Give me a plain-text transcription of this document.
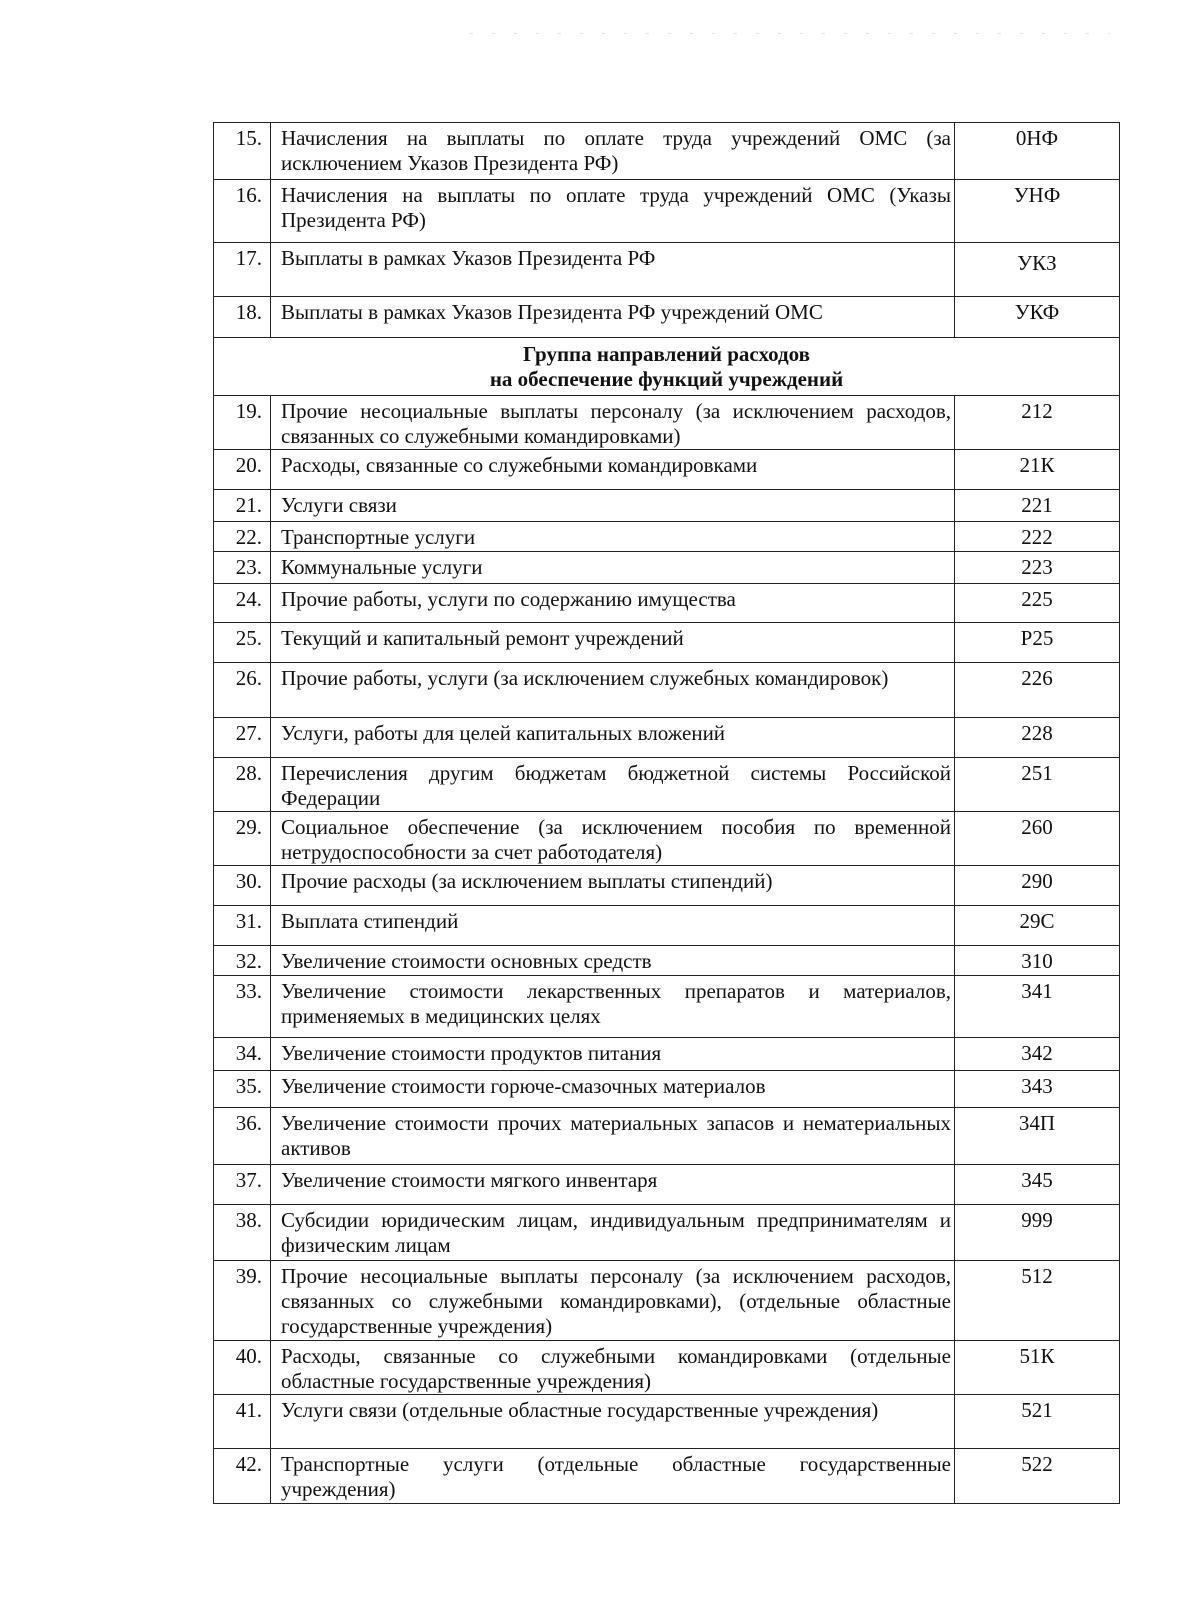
15.	Начисления на выплаты по оплате труда учреждений ОМС (за исключением Указов Президента РФ)	0НФ
16.	Начисления на выплаты по оплате труда учреждений ОМС (Указы Президента РФ)	УНФ
17.	Выплаты в рамках Указов Президента РФ	УКЗ
18.	Выплаты в рамках Указов Президента РФ учреждений ОМС	УКФ

Группа направлений расходов
на обеспечение функций учреждений		

19.	Прочие несоциальные выплаты персоналу (за исключением расходов, связанных со служебными командировками)	212
20.	Расходы, связанные со служебными командировками	21К
21.	Услуги связи	221
22.	Транспортные услуги	222
23.	Коммунальные услуги	223
24.	Прочие работы, услуги по содержанию имущества	225
25.	Текущий и капитальный ремонт учреждений	Р25
26.	Прочие работы, услуги (за исключением служебных командировок)	226
27.	Услуги, работы для целей капитальных вложений	228
28.	Перечисления другим бюджетам бюджетной системы Российской Федерации	251
29.	Социальное обеспечение (за исключением пособия по временной нетрудоспособности за счет работодателя)	260
30.	Прочие расходы (за исключением выплаты стипендий)	290
31.	Выплата стипендий	29С
32.	Увеличение стоимости основных средств	310
33.	Увеличение стоимости лекарственных препаратов и материалов, применяемых в медицинских целях	341
34.	Увеличение стоимости продуктов питания	342
35.	Увеличение стоимости горюче-смазочных материалов	343
36.	Увеличение стоимости прочих материальных запасов и нематериальных активов	34П
37.	Увеличение стоимости мягкого инвентаря	345
38.	Субсидии юридическим лицам, индивидуальным предпринимателям и физическим лицам	999
39.	Прочие несоциальные выплаты персоналу (за исключением расходов, связанных со служебными командировками), (отдельные областные государственные учреждения)	512
40.	Расходы, связанные со служебными командировками (отдельные областные государственные учреждения)	51К
41.	Услуги связи (отдельные областные государственные учреждения)	521
42.	Транспортные услуги (отдельные областные государственные учреждения)	522
